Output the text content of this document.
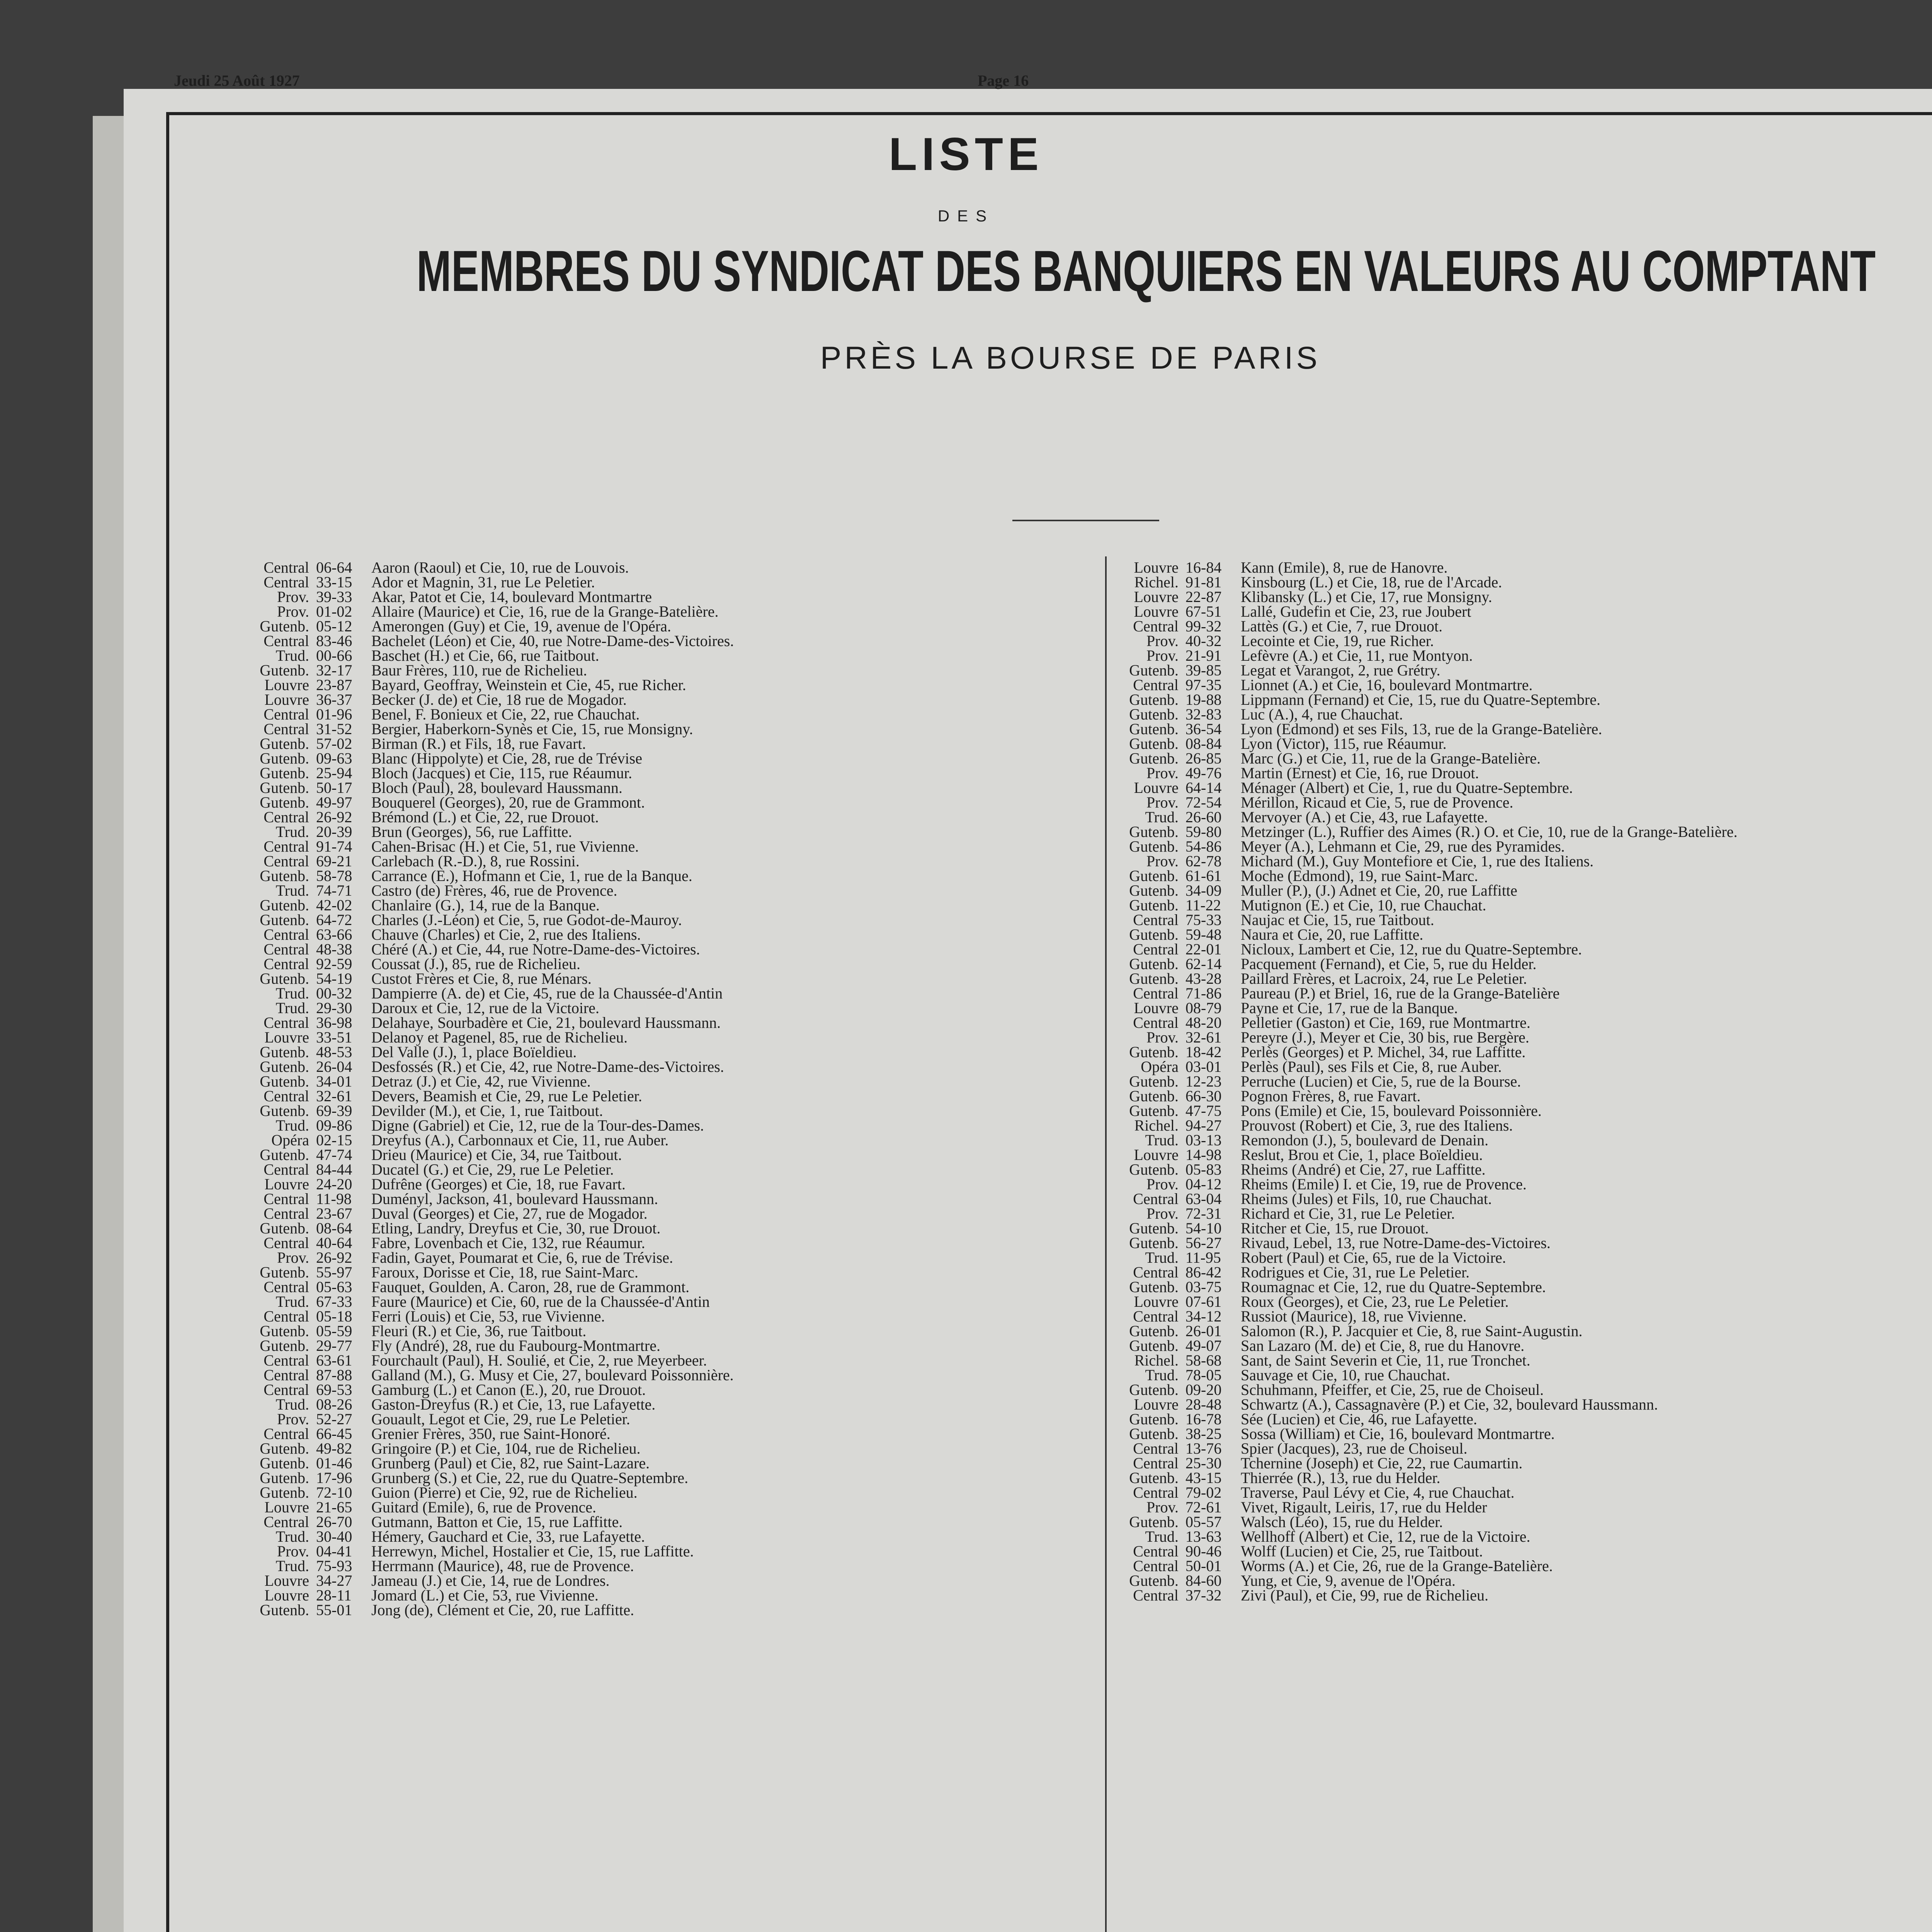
Jeudi 25 Août 1927	Page 16
LISTE
DES
MEMBRES DU SYNDICAT DES BANQUIERS EN VALEURS AU COMPTANT
PRÈS LA BOURSE DE PARIS
Central 06-64 Aaron (Raoul) et Cie, 10, rue de Louvois.
Central 33-15 Ador et Magnin, 31, rue Le Peletier.
Prov. 39-33 Akar, Patot et Cie, 14, boulevard Montmartre
Prov. 01-02 Allaire (Maurice) et Cie, 16, rue de la Grange-Batelière.
Gutenb. 05-12 Amerongen (Guy) et Cie, 19, avenue de l'Opéra.
Central 83-46 Bachelet (Léon) et Cie, 40, rue Notre-Dame-des-Victoires.
Trud. 00-66 Baschet (H.) et Cie, 66, rue Taitbout.
Gutenb. 32-17 Baur Frères, 110, rue de Richelieu.
Louvre 23-87 Bayard, Geoffray, Weinstein et Cie, 45, rue Richer.
Louvre 36-37 Becker (J. de) et Cie, 18 rue de Mogador.
Central 01-96 Benel, F. Bonieux et Cie, 22, rue Chauchat.
Central 31-52 Bergier, Haberkorn-Synès et Cie, 15, rue Monsigny.
Gutenb. 57-02 Birman (R.) et Fils, 18, rue Favart.
Gutenb. 09-63 Blanc (Hippolyte) et Cie, 28, rue de Trévise
Gutenb. 25-94 Bloch (Jacques) et Cie, 115, rue Réaumur.
Gutenb. 50-17 Bloch (Paul), 28, boulevard Haussmann.
Gutenb. 49-97 Bouquerel (Georges), 20, rue de Grammont.
Central 26-92 Brémond (L.) et Cie, 22, rue Drouot.
Trud. 20-39 Brun (Georges), 56, rue Laffitte.
Central 91-74 Cahen-Brisac (H.) et Cie, 51, rue Vivienne.
Central 69-21 Carlebach (R.-D.), 8, rue Rossini.
Gutenb. 58-78 Carrance (E.), Hofmann et Cie, 1, rue de la Banque.
Trud. 74-71 Castro (de) Frères, 46, rue de Provence.
Gutenb. 42-02 Chanlaire (G.), 14, rue de la Banque.
Gutenb. 64-72 Charles (J.-Léon) et Cie, 5, rue Godot-de-Mauroy.
Central 63-66 Chauve (Charles) et Cie, 2, rue des Italiens.
Central 48-38 Chéré (A.) et Cie, 44, rue Notre-Dame-des-Victoires.
Central 92-59 Coussat (J.), 85, rue de Richelieu.
Gutenb. 54-19 Custot Frères et Cie, 8, rue Ménars.
Trud. 00-32 Dampierre (A. de) et Cie, 45, rue de la Chaussée-d'Antin
Trud. 29-30 Daroux et Cie, 12, rue de la Victoire.
Central 36-98 Delahaye, Sourbadère et Cie, 21, boulevard Haussmann.
Louvre 33-51 Delanoy et Pagenel, 85, rue de Richelieu.
Gutenb. 48-53 Del Valle (J.), 1, place Boïeldieu.
Gutenb. 26-04 Desfossés (R.) et Cie, 42, rue Notre-Dame-des-Victoires.
Gutenb. 34-01 Detraz (J.) et Cie, 42, rue Vivienne.
Central 32-61 Devers, Beamish et Cie, 29, rue Le Peletier.
Gutenb. 69-39 Devilder (M.), et Cie, 1, rue Taitbout.
Trud. 09-86 Digne (Gabriel) et Cie, 12, rue de la Tour-des-Dames.
Opéra 02-15 Dreyfus (A.), Carbonnaux et Cie, 11, rue Auber.
Gutenb. 47-74 Drieu (Maurice) et Cie, 34, rue Taitbout.
Central 84-44 Ducatel (G.) et Cie, 29, rue Le Peletier.
Louvre 24-20 Dufrêne (Georges) et Cie, 18, rue Favart.
Central 11-98 Duményl, Jackson, 41, boulevard Haussmann.
Central 23-67 Duval (Georges) et Cie, 27, rue de Mogador.
Gutenb. 08-64 Etling, Landry, Dreyfus et Cie, 30, rue Drouot.
Central 40-64 Fabre, Lovenbach et Cie, 132, rue Réaumur.
Prov. 26-92 Fadin, Gayet, Poumarat et Cie, 6, rue de Trévise.
Gutenb. 55-97 Faroux, Dorisse et Cie, 18, rue Saint-Marc.
Central 05-63 Fauquet, Goulden, A. Caron, 28, rue de Grammont.
Trud. 67-33 Faure (Maurice) et Cie, 60, rue de la Chaussée-d'Antin
Central 05-18 Ferri (Louis) et Cie, 53, rue Vivienne.
Gutenb. 05-59 Fleuri (R.) et Cie, 36, rue Taitbout.
Gutenb. 29-77 Fly (André), 28, rue du Faubourg-Montmartre.
Central 63-61 Fourchault (Paul), H. Soulié, et Cie, 2, rue Meyerbeer.
Central 87-88 Galland (M.), G. Musy et Cie, 27, boulevard Poissonnière.
Central 69-53 Gamburg (L.) et Canon (E.), 20, rue Drouot.
Trud. 08-26 Gaston-Dreyfus (R.) et Cie, 13, rue Lafayette.
Prov. 52-27 Gouault, Legot et Cie, 29, rue Le Peletier.
Central 66-45 Grenier Frères, 350, rue Saint-Honoré.
Gutenb. 49-82 Gringoire (P.) et Cie, 104, rue de Richelieu.
Gutenb. 01-46 Grunberg (Paul) et Cie, 82, rue Saint-Lazare.
Gutenb. 17-96 Grunberg (S.) et Cie, 22, rue du Quatre-Septembre.
Gutenb. 72-10 Guion (Pierre) et Cie, 92, rue de Richelieu.
Louvre 21-65 Guitard (Emile), 6, rue de Provence.
Central 26-70 Gutmann, Batton et Cie, 15, rue Laffitte.
Trud. 30-40 Hémery, Gauchard et Cie, 33, rue Lafayette.
Prov. 04-41 Herrewyn, Michel, Hostalier et Cie, 15, rue Laffitte.
Trud. 75-93 Herrmann (Maurice), 48, rue de Provence.
Louvre 34-27 Jameau (J.) et Cie, 14, rue de Londres.
Louvre 28-11 Jomard (L.) et Cie, 53, rue Vivienne.
Gutenb. 55-01 Jong (de), Clément et Cie, 20, rue Laffitte.
Louvre 16-84 Kann (Emile), 8, rue de Hanovre.
Richel. 91-81 Kinsbourg (L.) et Cie, 18, rue de l'Arcade.
Louvre 22-87 Klibansky (L.) et Cie, 17, rue Monsigny.
Louvre 67-51 Lallé, Gudefin et Cie, 23, rue Joubert
Central 99-32 Lattès (G.) et Cie, 7, rue Drouot.
Prov. 40-32 Lecointe et Cie, 19, rue Richer.
Prov. 21-91 Lefèvre (A.) et Cie, 11, rue Montyon.
Gutenb. 39-85 Legat et Varangot, 2, rue Grétry.
Central 97-35 Lionnet (A.) et Cie, 16, boulevard Montmartre.
Gutenb. 19-88 Lippmann (Fernand) et Cie, 15, rue du Quatre-Septembre.
Gutenb. 32-83 Luc (A.), 4, rue Chauchat.
Gutenb. 36-54 Lyon (Edmond) et ses Fils, 13, rue de la Grange-Batelière.
Gutenb. 08-84 Lyon (Victor), 115, rue Réaumur.
Gutenb. 26-85 Marc (G.) et Cie, 11, rue de la Grange-Batelière.
Prov. 49-76 Martin (Ernest) et Cie, 16, rue Drouot.
Louvre 64-14 Ménager (Albert) et Cie, 1, rue du Quatre-Septembre.
Prov. 72-54 Mérillon, Ricaud et Cie, 5, rue de Provence.
Trud. 26-60 Mervoyer (A.) et Cie, 43, rue Lafayette.
Gutenb. 59-80 Metzinger (L.), Ruffier des Aimes (R.) O. et Cie, 10, rue de la Grange-Batelière.
Gutenb. 54-86 Meyer (A.), Lehmann et Cie, 29, rue des Pyramides.
Prov. 62-78 Michard (M.), Guy Montefiore et Cie, 1, rue des Italiens.
Gutenb. 61-61 Moche (Edmond), 19, rue Saint-Marc.
Gutenb. 34-09 Muller (P.), (J.) Adnet et Cie, 20, rue Laffitte
Gutenb. 11-22 Mutignon (E.) et Cie, 10, rue Chauchat.
Central 75-33 Naujac et Cie, 15, rue Taitbout.
Gutenb. 59-48 Naura et Cie, 20, rue Laffitte.
Central 22-01 Nicloux, Lambert et Cie, 12, rue du Quatre-Septembre.
Gutenb. 62-14 Pacquement (Fernand), et Cie, 5, rue du Helder.
Gutenb. 43-28 Paillard Frères, et Lacroix, 24, rue Le Peletier.
Central 71-86 Paureau (P.) et Briel, 16, rue de la Grange-Batelière
Louvre 08-79 Payne et Cie, 17, rue de la Banque.
Central 48-20 Pelletier (Gaston) et Cie, 169, rue Montmartre.
Prov. 32-61 Pereyre (J.), Meyer et Cie, 30 bis, rue Bergère.
Gutenb. 18-42 Perlès (Georges) et P. Michel, 34, rue Laffitte.
Opéra 03-01 Perlès (Paul), ses Fils et Cie, 8, rue Auber.
Gutenb. 12-23 Perruche (Lucien) et Cie, 5, rue de la Bourse.
Gutenb. 66-30 Pognon Frères, 8, rue Favart.
Gutenb. 47-75 Pons (Emile) et Cie, 15, boulevard Poissonnière.
Richel. 94-27 Prouvost (Robert) et Cie, 3, rue des Italiens.
Trud. 03-13 Remondon (J.), 5, boulevard de Denain.
Louvre 14-98 Reslut, Brou et Cie, 1, place Boïeldieu.
Gutenb. 05-83 Rheims (André) et Cie, 27, rue Laffitte.
Prov. 04-12 Rheims (Emile) I. et Cie, 19, rue de Provence.
Central 63-04 Rheims (Jules) et Fils, 10, rue Chauchat.
Prov. 72-31 Richard et Cie, 31, rue Le Peletier.
Gutenb. 54-10 Ritcher et Cie, 15, rue Drouot.
Gutenb. 56-27 Rivaud, Lebel, 13, rue Notre-Dame-des-Victoires.
Trud. 11-95 Robert (Paul) et Cie, 65, rue de la Victoire.
Central 86-42 Rodrigues et Cie, 31, rue Le Peletier.
Gutenb. 03-75 Roumagnac et Cie, 12, rue du Quatre-Septembre.
Louvre 07-61 Roux (Georges), et Cie, 23, rue Le Peletier.
Central 34-12 Russiot (Maurice), 18, rue Vivienne.
Gutenb. 26-01 Salomon (R.), P. Jacquier et Cie, 8, rue Saint-Augustin.
Gutenb. 49-07 San Lazaro (M. de) et Cie, 8, rue du Hanovre.
Richel. 58-68 Sant, de Saint Severin et Cie, 11, rue Tronchet.
Trud. 78-05 Sauvage et Cie, 10, rue Chauchat.
Gutenb. 09-20 Schuhmann, Pfeiffer, et Cie, 25, rue de Choiseul.
Louvre 28-48 Schwartz (A.), Cassagnavère (P.) et Cie, 32, boulevard Haussmann.
Gutenb. 16-78 Sée (Lucien) et Cie, 46, rue Lafayette.
Gutenb. 38-25 Sossa (William) et Cie, 16, boulevard Montmartre.
Central 13-76 Spier (Jacques), 23, rue de Choiseul.
Central 25-30 Tchernine (Joseph) et Cie, 22, rue Caumartin.
Gutenb. 43-15 Thierrée (R.), 13, rue du Helder.
Central 79-02 Traverse, Paul Lévy et Cie, 4, rue Chauchat.
Prov. 72-61 Vivet, Rigault, Leiris, 17, rue du Helder
Gutenb. 05-57 Walsch (Léo), 15, rue du Helder.
Trud. 13-63 Wellhoff (Albert) et Cie, 12, rue de la Victoire.
Central 90-46 Wolff (Lucien) et Cie, 25, rue Taitbout.
Central 50-01 Worms (A.) et Cie, 26, rue de la Grange-Batelière.
Gutenb. 84-60 Yung, et Cie, 9, avenue de l'Opéra.
Central 37-32 Zivi (Paul), et Cie, 99, rue de Richelieu.
